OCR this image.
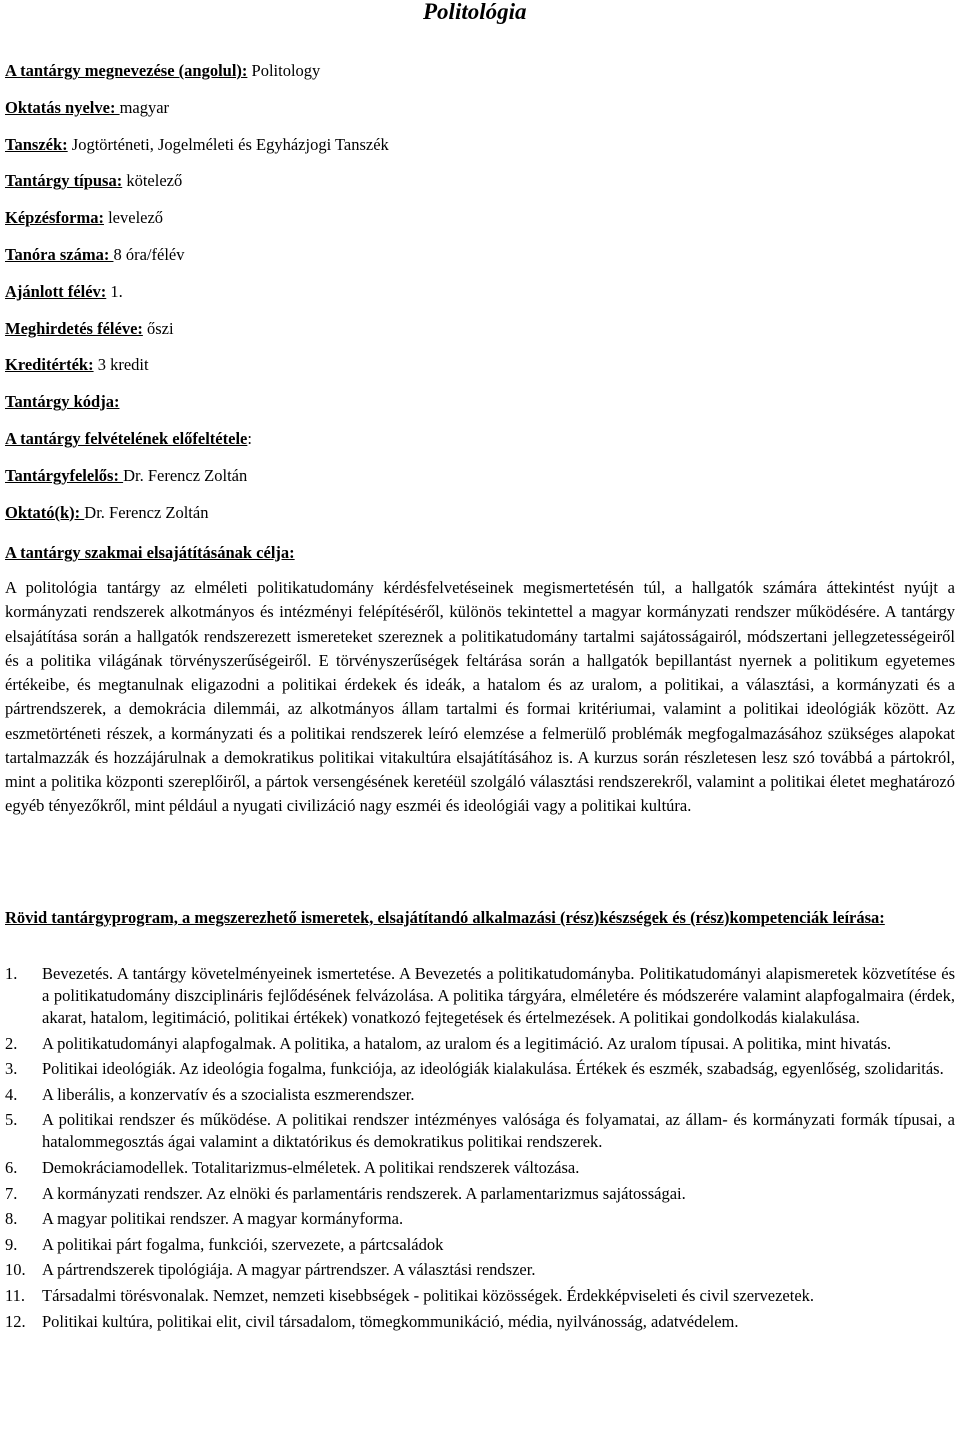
Politológia
A tantárgy megnevezése (angolul): Politology
Oktatás nyelve: magyar
Tanszék: Jogtörténeti, Jogelméleti és Egyházjogi Tanszék
Tantárgy típusa: kötelező
Képzésforma: levelező
Tanóra száma: 8 óra/félév
Ajánlott félév: 1.
Meghirdetés féléve: őszi
Kreditérték: 3 kredit
Tantárgy kódja:
A tantárgy felvételének előfeltétele:
Tantárgyfelelős: Dr. Ferencz Zoltán
Oktató(k): Dr. Ferencz Zoltán
A tantárgy szakmai elsajátításának célja:

A politológia tantárgy az elméleti politikatudomány kérdésfelvetéseinek megismertetésén túl, a hallgatók számára áttekintést nyújt a kormányzati rendszerek alkotmányos és intézményi felépítéséről, különös tekintettel a magyar kormányzati rendszer működésére. A tantárgy elsajátítása során a hallgatók rendszerezett ismereteket szereznek a politikatudomány tartalmi sajátosságairól, módszertani jellegzetességeiről és a politika világának törvényszerűségeiről. E törvényszerűségek feltárása során a hallgatók bepillantást nyernek a politikum egyetemes értékeibe, és megtanulnak eligazodni a politikai érdekek és ideák, a hatalom és az uralom, a politikai, a választási, a kormányzati és a pártrendszerek, a demokrácia dilemmái, az alkotmányos állam tartalmi és formai kritériumai, valamint a politikai ideológiák között. Az eszmetörténeti részek, a kormányzati és a politikai rendszerek leíró elemzése a felmerülő problémák megfogalmazásához szükséges alapokat tartalmazzák és hozzájárulnak a demokratikus politikai vitakultúra elsajátításához is. A kurzus során részletesen lesz szó továbbá a pártokról, mint a politika központi szereplőiről, a pártok versengésének keretéül szolgáló választási rendszerekről, valamint a politikai életet meghatározó egyéb tényezőkről, mint például a nyugati civilizáció nagy eszméi és ideológiái vagy a politikai kultúra.

Rövid tantárgyprogram, a megszerezhető ismeretek, elsajátítandó alkalmazási (rész)készségek és (rész)kompetenciák leírása:
1. Bevezetés. A tantárgy követelményeinek ismertetése. A Bevezetés a politikatudományba. Politikatudományi alapismeretek közvetítése és a politikatudomány diszciplináris fejlődésének felvázolása. A politika tárgyára, elméletére és módszerére valamint alapfogalmaira (érdek, akarat, hatalom, legitimáció, politikai értékek) vonatkozó fejtegetések és értelmezések. A politikai gondolkodás kialakulása.
2. A politikatudományi alapfogalmak. A politika, a hatalom, az uralom és a legitimáció. Az uralom típusai. A politika, mint hivatás.
3. Politikai ideológiák. Az ideológia fogalma, funkciója, az ideológiák kialakulása. Értékek és eszmék, szabadság, egyenlőség, szolidaritás.
4. A liberális, a konzervatív és a szocialista eszmerendszer.
5. A politikai rendszer és működése. A politikai rendszer intézményes valósága és folyamatai, az állam- és kormányzati formák típusai, a hatalommegosztás ágai valamint a diktatórikus és demokratikus politikai rendszerek.
6. Demokráciamodellek. Totalitarizmus-elméletek. A politikai rendszerek változása.
7. A kormányzati rendszer. Az elnöki és parlamentáris rendszerek. A parlamentarizmus sajátosságai.
8. A magyar politikai rendszer. A magyar kormányforma.
9. A politikai párt fogalma, funkciói, szervezete, a pártcsaládok
10. A pártrendszerek tipológiája. A magyar pártrendszer. A választási rendszer.
11. Társadalmi törésvonalak. Nemzet, nemzeti kisebbségek - politikai közösségek. Érdekképviseleti és civil szervezetek.
12. Politikai kultúra, politikai elit, civil társadalom, tömegkommunikáció, média, nyilvánosság, adatvédelem.
